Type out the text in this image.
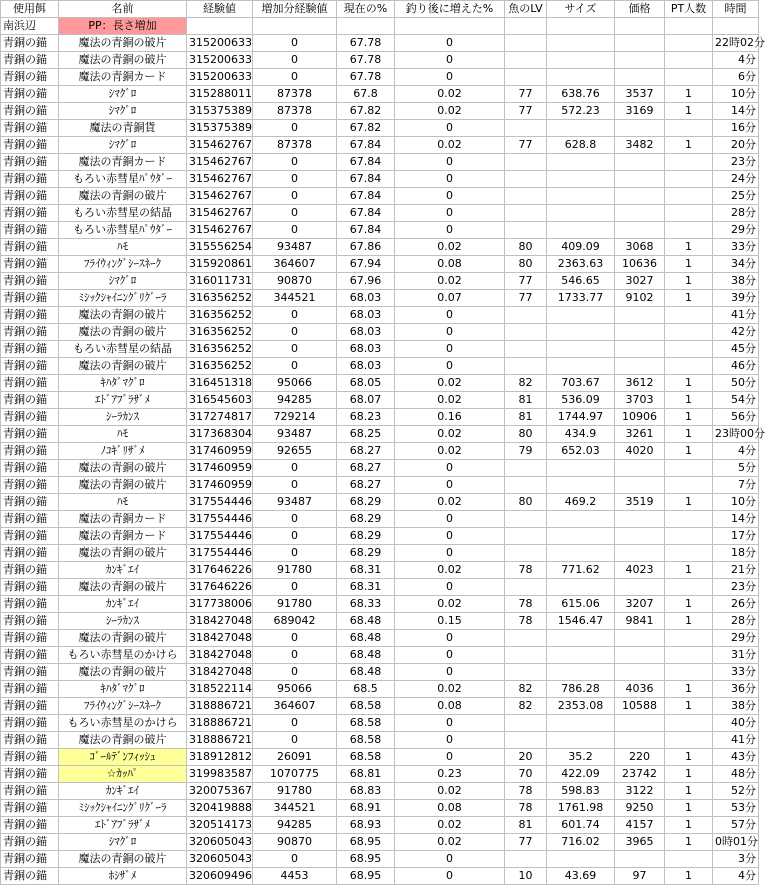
使用餌	名前	経験値	増加分経験値	現在の%	釣り後に増えた%	魚のLV	サイズ	価格	PT人数	時間
南浜辺	PP：長さ増加									
青銅の錨	魔法の青銅の破片	315200633	0	67.78	0					22時02分
青銅の錨	魔法の青銅の破片	315200633	0	67.78	0					4分
青銅の錨	魔法の青銅カード	315200633	0	67.78	0					6分
青銅の錨	ｼﾏｸﾞﾛ	315288011	87378	67.8	0.02	77	638.76	3537	1	10分
青銅の錨	ｼﾏｸﾞﾛ	315375389	87378	67.82	0.02	77	572.23	3169	1	14分
青銅の錨	魔法の青銅貨	315375389	0	67.82	0					16分
青銅の錨	ｼﾏｸﾞﾛ	315462767	87378	67.84	0.02	77	628.8	3482	1	20分
青銅の錨	魔法の青銅カード	315462767	0	67.84	0					23分
青銅の錨	もろい赤彗星ﾊﾟｳﾀﾞｰ	315462767	0	67.84	0					24分
青銅の錨	魔法の青銅の破片	315462767	0	67.84	0					25分
青銅の錨	もろい赤彗星の結晶	315462767	0	67.84	0					28分
青銅の錨	もろい赤彗星ﾊﾟｳﾀﾞｰ	315462767	0	67.84	0					29分
青銅の錨	ﾊﾓ	315556254	93487	67.86	0.02	80	409.09	3068	1	33分
青銅の錨	ﾌﾗｲｳｨﾝｸﾞｼｰｽﾈｰｸ	315920861	364607	67.94	0.08	80	2363.63	10636	1	34分
青銅の錨	ｼﾏｸﾞﾛ	316011731	90870	67.96	0.02	77	546.65	3027	1	38分
青銅の錨	ﾐｼｯｸｼｬｲﾆﾝｸﾞﾘｸﾞｰﾗ	316356252	344521	68.03	0.07	77	1733.77	9102	1	39分
青銅の錨	魔法の青銅の破片	316356252	0	68.03	0					41分
青銅の錨	魔法の青銅の破片	316356252	0	68.03	0					42分
青銅の錨	もろい赤彗星の結晶	316356252	0	68.03	0					45分
青銅の錨	魔法の青銅の破片	316356252	0	68.03	0					46分
青銅の錨	ｷﾊﾀﾞﾏｸﾞﾛ	316451318	95066	68.05	0.02	82	703.67	3612	1	50分
青銅の錨	ｴﾄﾞｱﾌﾞﾗｻﾞﾒ	316545603	94285	68.07	0.02	81	536.09	3703	1	54分
青銅の錨	ｼｰﾗｶﾝｽ	317274817	729214	68.23	0.16	81	1744.97	10906	1	56分
青銅の錨	ﾊﾓ	317368304	93487	68.25	0.02	80	434.9	3261	1	23時00分
青銅の錨	ﾉｺｷﾞﾘｻﾞﾒ	317460959	92655	68.27	0.02	79	652.03	4020	1	4分
青銅の錨	魔法の青銅の破片	317460959	0	68.27	0					5分
青銅の錨	魔法の青銅の破片	317460959	0	68.27	0					7分
青銅の錨	ﾊﾓ	317554446	93487	68.29	0.02	80	469.2	3519	1	10分
青銅の錨	魔法の青銅カード	317554446	0	68.29	0					14分
青銅の錨	魔法の青銅カード	317554446	0	68.29	0					17分
青銅の錨	魔法の青銅の破片	317554446	0	68.29	0					18分
青銅の錨	ｶﾝｷﾞｴｲ	317646226	91780	68.31	0.02	78	771.62	4023	1	21分
青銅の錨	魔法の青銅の破片	317646226	0	68.31	0					23分
青銅の錨	ｶﾝｷﾞｴｲ	317738006	91780	68.33	0.02	78	615.06	3207	1	26分
青銅の錨	ｼｰﾗｶﾝｽ	318427048	689042	68.48	0.15	78	1546.47	9841	1	28分
青銅の錨	魔法の青銅の破片	318427048	0	68.48	0					29分
青銅の錨	もろい赤彗星のかけら	318427048	0	68.48	0					31分
青銅の錨	魔法の青銅の破片	318427048	0	68.48	0					33分
青銅の錨	ｷﾊﾀﾞﾏｸﾞﾛ	318522114	95066	68.5	0.02	82	786.28	4036	1	36分
青銅の錨	ﾌﾗｲｳｨﾝｸﾞｼｰｽﾈｰｸ	318886721	364607	68.58	0.08	82	2353.08	10588	1	38分
青銅の錨	もろい赤彗星のかけら	318886721	0	68.58	0					40分
青銅の錨	魔法の青銅の破片	318886721	0	68.58	0					41分
青銅の錨	ｺﾞｰﾙﾃﾞﾝﾌｨｯｼｭ	318912812	26091	68.58	0	20	35.2	220	1	43分
青銅の錨	☆ｶｯﾊﾟ	319983587	1070775	68.81	0.23	70	422.09	23742	1	48分
青銅の錨	ｶﾝｷﾞｴｲ	320075367	91780	68.83	0.02	78	598.83	3122	1	52分
青銅の錨	ﾐｼｯｸｼｬｲﾆﾝｸﾞﾘｸﾞｰﾗ	320419888	344521	68.91	0.08	78	1761.98	9250	1	53分
青銅の錨	ｴﾄﾞｱﾌﾞﾗｻﾞﾒ	320514173	94285	68.93	0.02	81	601.74	4157	1	57分
青銅の錨	ｼﾏｸﾞﾛ	320605043	90870	68.95	0.02	77	716.02	3965	1	0時01分
青銅の錨	魔法の青銅の破片	320605043	0	68.95	0					3分
青銅の錨	ﾎｼｻﾞﾒ	320609496	4453	68.95	0	10	43.69	97	1	4分
